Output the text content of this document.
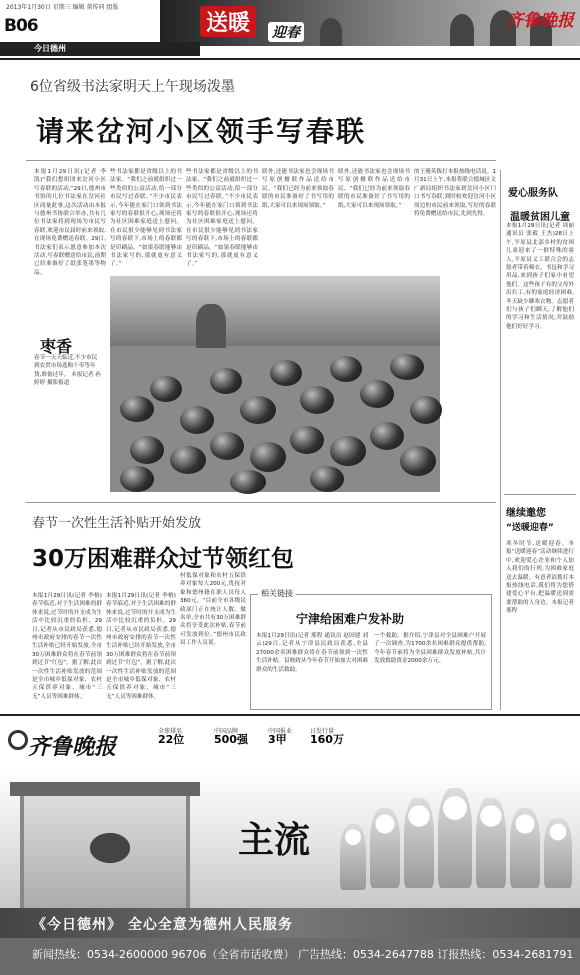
2013年1月30日 星期三 编辑 董传同 组版
送暖	迎春
齐鲁晚报
B06
今日德州
6位省级书法家明天上午现场泼墨
请来岔河小区领手写春联
本报1月29日讯(记者 李凯)“我们想组团来岔河小区写春联的活动,”29日,德州市书协的几位书法家在岔河社区商量此事,这次活动由本报与德州书协联合举办,共有几位书法家将到现场为市民写春联,欢迎市民届时前来领取,在现场免费赠送春联。29日,书法家们表示愿意参加本次活动,写春联赠送给市民,前期已经准备好了纸张笔墨等物品。
些书法家都是省级以上的书法家。“我们之前就组织过一些类似的公益活动,给一部分市民写过春联。”不少市民表示,今年能在家门口领到书法家写的春联很开心,现场还将为社区困难家庭送上慰问。在市民很少能够见到书法家写的春联下,市场上的春联都是印刷品。“如果春联能够由书法家写的,那就更有意义了。”
些书法家都是省级以上的书法家。“我们之前就组织过一些类似的公益活动,给一部分市民写过春联。”不少市民表示,今年能在家门口领到书法家写的春联很开心,现场还将为社区困难家庭送上慰问。在市民很少能够见到书法家写的春联下,市场上的春联都是印刷品。“如果春联能够由书法家写的,那就更有意义了。”
联外,还能书法家也会现场书写原创楹联作品送给市民。“我们已经为前来领取春联的市民准备好了书写用的纸,大家可以来现场领取。”
联外,还能书法家也会现场书写原创楹联作品送给市民。“我们已经为前来领取春联的市民准备好了书写用的纸,大家可以来现场领取。”
的王雅英拨打本报热线电话说。1月31日上午,本报将联合德城区文广新局组织书法家到岔河小区门口书写春联,到时候欢迎岔河小区周边的市民前来领取,写好的春联将免费赠送给市民,先到先得。
枣香
春节一天天临近,不少市民到农贸市场选购干枣等年货,准备过年。 本报记者 孙婷婷 摄影报道
春节一次性生活补贴开始发放
30万困难群众过节领红包
本报1月29日讯(记者 李榕)春节临近,对于生活困难的群体来说,过节时的开支成为生活中比较沉重的负担。29日,记者从市民政局获悉,德州市政府安排的春节一次性生活补贴已经开始发放,全市30万困难群众将在春节前领到过节“红包”。据了解,此次一次性生活补贴发放的范围是全市城乡低保对象、农村五保供养对象、城市“三无”人员等困难群体。
本报1月29日讯(记者 李榕)春节临近,对于生活困难的群体来说,过节时的开支成为生活中比较沉重的负担。29日,记者从市民政局获悉,德州市政府安排的春节一次性生活补贴已经开始发放,全市30万困难群众将在春节前领到过节“红包”。据了解,此次一次性生活补贴发放的范围是全市城乡低保对象、农村五保供养对象、城市“三无”人员等困难群体。
村低保对象和农村五保供养对象每人200元,优抚对象和德州籍在职人员每人360元。“目前全市各级民政部门正在统计人数、做名单,全市共有30万困难群众将享受此次补贴,春节前可发放到位。”德州市民政局工作人员说。
相关链接
宁津给困难户发补助
本报1月29日讯(记者 邢程 通讯员 赵国建 刘云)29日,记者从宁津县民政局获悉,全县27000余名困难群众将在春节前领到一次性生活补贴。县财政从今年春节开始加大对困难群众的生活救助。
一个救助。据介绍,宁津县对全县困难户开展了一次调查,为1700余名困难群众提供帮助,今年春节前将为全县困难群众发放补贴,共计发放救助资金2000余万元。
爱心服务队
温暖贫困儿童
本报1月29日讯(记者 周丽 通讯员 张毅 王杰)28日上午,平原县北部乡村的贫困儿童迎来了一群特殊的客人,平原县义工联合会的志愿者带着棉衣、书包和学习用品,来到孩子们家中看望他们。这些孩子有的父母外出打工,有的家庭经济困难,冬天缺少御寒衣物。志愿者们与孩子们聊天,了解他们的学习和生活情况,并鼓励他们好好学习。
继续邀您
“送暖迎春”
寒冬时节,送暖迎春。本报“送暖迎春”活动继续进行中,欢迎爱心企业和个人加入我们的行列,为困难家庭送去温暖。有意者请拨打本报热线电话,我们将为您搭建爱心平台,把温暖送到需要帮助的人身边。本报记者 邢程
齐鲁晚报
全球排名
22位
中国品牌
500强
中国报业
3甲
日发行量
160万
主流
《今日德州》 全心全意为德州人民服务
新闻热线：0534-2600000 96706（全省市话收费） 广告热线：0534-2647788 订报热线：0534-2681791
